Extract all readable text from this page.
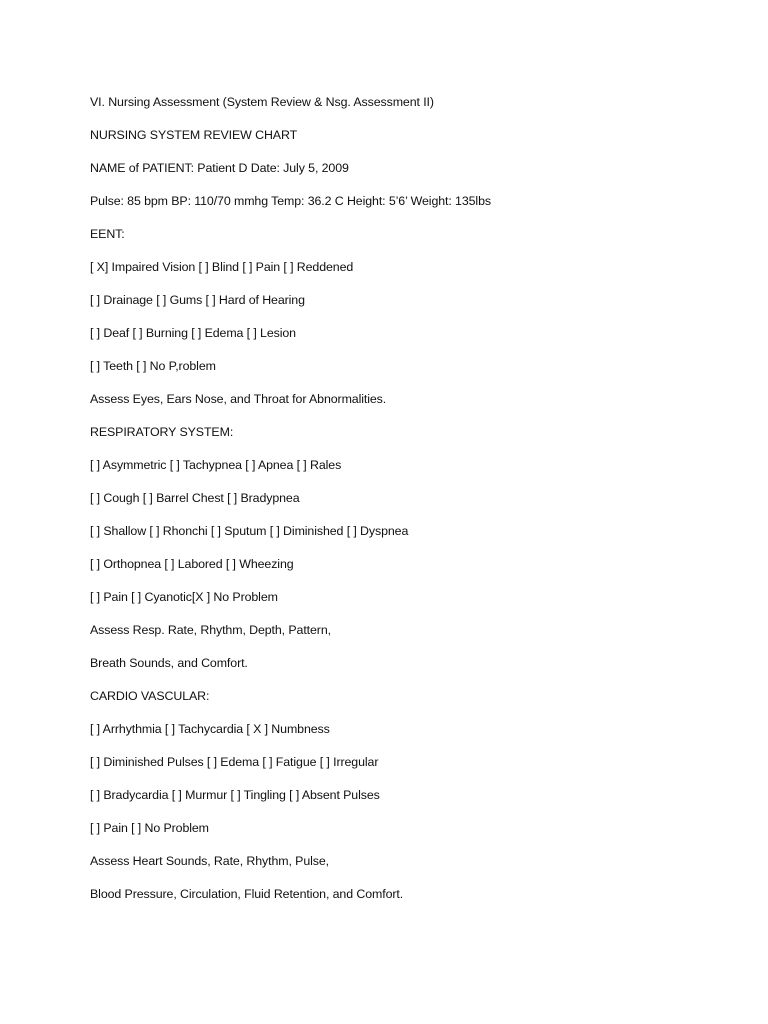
VI. Nursing Assessment (System Review & Nsg. Assessment II)
NURSING SYSTEM REVIEW CHART
NAME of PATIENT: Patient D Date: July 5, 2009
Pulse: 85 bpm BP: 110/70 mmhg Temp: 36.2 C Height: 5’6’ Weight: 135lbs
EENT:
[ X] Impaired Vision [ ] Blind [ ] Pain [ ] Reddened
[ ] Drainage [ ] Gums [ ] Hard of Hearing
[ ] Deaf [ ] Burning [ ] Edema [ ] Lesion
[ ] Teeth [ ] No P,roblem
Assess Eyes, Ears Nose, and Throat for Abnormalities.
RESPIRATORY SYSTEM:
[ ] Asymmetric [ ] Tachypnea [ ] Apnea [ ] Rales
[ ] Cough [ ] Barrel Chest [ ] Bradypnea
[ ] Shallow [ ] Rhonchi [ ] Sputum [ ] Diminished [ ] Dyspnea
[ ] Orthopnea [ ] Labored [ ] Wheezing
[ ] Pain [ ] Cyanotic[X ] No Problem
Assess Resp. Rate, Rhythm, Depth, Pattern,
Breath Sounds, and Comfort.
CARDIO VASCULAR:
[ ] Arrhythmia [ ] Tachycardia [ X ] Numbness
[ ] Diminished Pulses [ ] Edema [ ] Fatigue [ ] Irregular
[ ] Bradycardia [ ] Murmur [ ] Tingling [ ] Absent Pulses
[ ] Pain [ ] No Problem
Assess Heart Sounds, Rate, Rhythm, Pulse,
Blood Pressure, Circulation, Fluid Retention, and Comfort.
